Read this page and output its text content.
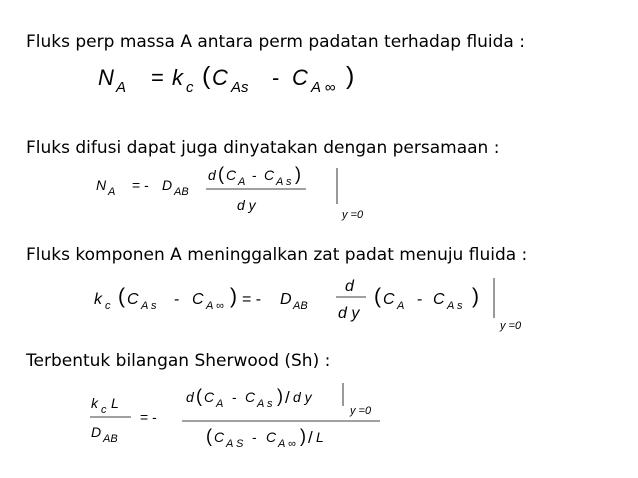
Fluks perp massa A antara perm padatan terhadap fluida :
N A = k c ( C As - C A ∞ )
Fluks difusi dapat juga dinyatakan dengan persamaan :
N A = - D AB
d ( C A - C A s )
d y
y =0
Fluks komponen A meninggalkan zat padat menuju fluida :
k c ( C A s - C A ∞ ) = - D AB
d
d y
( C A - C A s )
y =0
Terbentuk bilangan Sherwood (Sh) :
k c L
D AB
= -
d ( C A - C A s ) / d y
y =0
( C A S - C A ∞ ) / L
